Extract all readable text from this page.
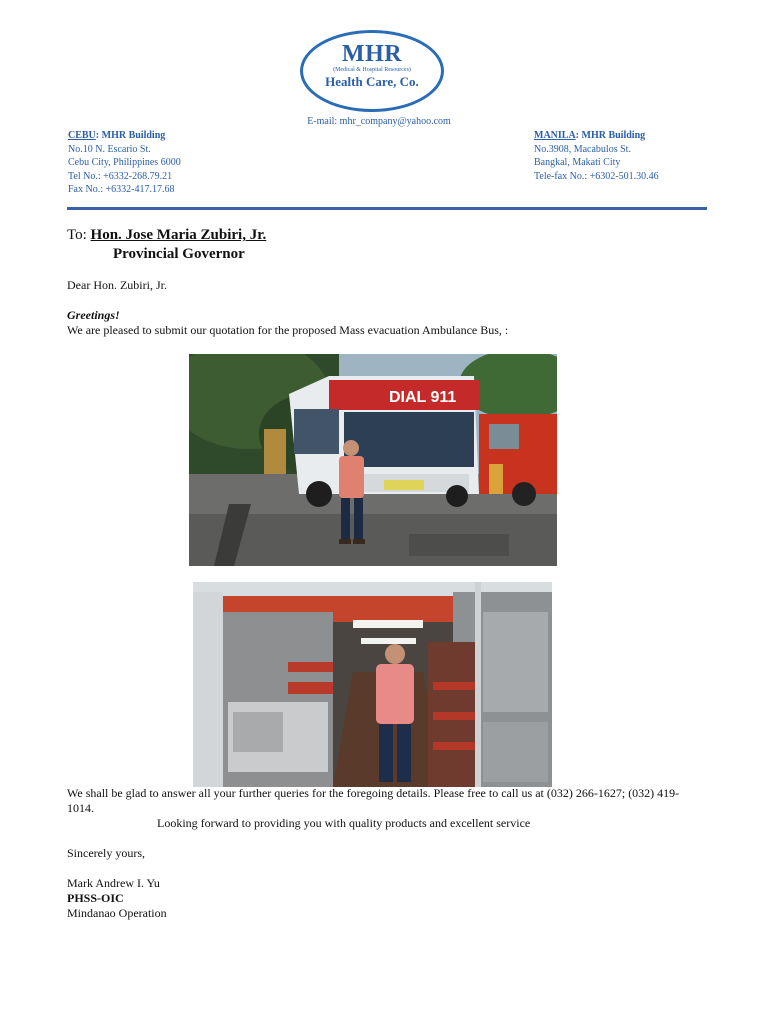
MHR
(Medical & Hospital Resources)
Health Care, Co.
E-mail: mhr_company@yahoo.com
CEBU: MHR Building
No.10 N. Escario St.
Cebu City, Philippines 6000
Tel No.: +6332-268.79.21
Fax No.: +6332-417.17.68
MANILA: MHR Building
No.3908, Macabulos St.
Bangkal, Makati City
Tele-fax No.: +6302-501.30.46
To: Hon. Jose Maria Zubiri, Jr.
Provincial Governor
Dear Hon. Zubiri, Jr.
Greetings!
We are pleased to submit our quotation for the proposed Mass evacuation Ambulance Bus, :
DIAL 911
We shall be glad to answer all your further queries for the foregoing details. Please free to call us at (032) 266-1627; (032) 419-1014.
Looking forward to providing you with quality products and excellent service
Sincerely yours,
Mark Andrew I. Yu
PHSS-OIC
Mindanao Operation
